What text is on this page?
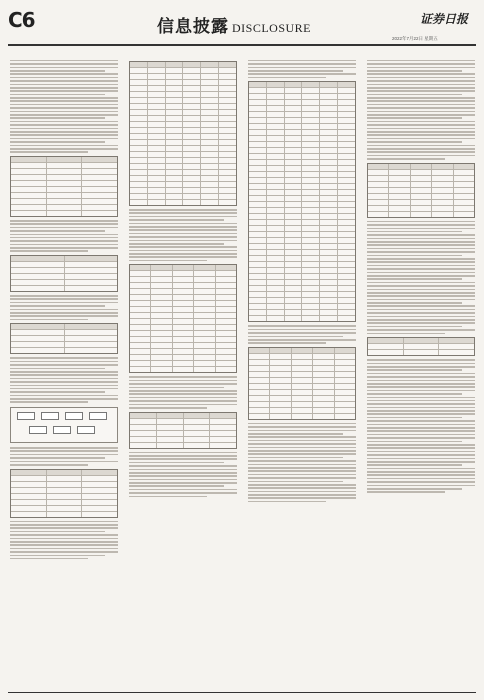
C6	信息披露 DISCLOSURE
证券日报
2022年7月22日 星期五
